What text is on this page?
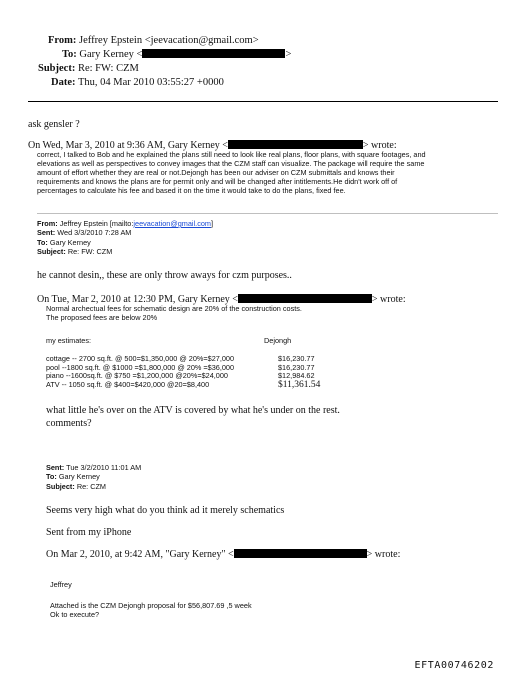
From: Jeffrey Epstein <jeevacation@gmail.com>
To: Gary Kerney <	>
Subject: Re: FW: CZM
Date: Thu, 04 Mar 2010 03:55:27 +0000
ask gensler ?
On Wed, Mar 3, 2010 at 9:36 AM, Gary Kerney <	> wrote:
correct, I talked to Bob and he explained the plans still need to look like real plans, floor plans, with square footages, and
elevations as well as perspectives to convey images that the CZM staff can visualize. The package will require the same
amount of effort whether they are real or not.Dejongh has been our adviser on CZM submittals and knows their
requirements and knows the plans are for permit only and will be changed after intitlements.He didn't work off of
percentages to calculate his fee and based it on the time it would take to do the plans, fixed fee.
From: Jeffrey Epstein [mailto:jeevacation@gmail.com]
Sent: Wed 3/3/2010 7:28 AM
To: Gary Kerney
Subject: Re: FW: CZM
he cannot desin,, these are only throw aways for czm purposes..
On Tue, Mar 2, 2010 at 12:30 PM, Gary Kerney <	> wrote:
Normal archectual fees for schematic design are 20% of the construction costs.
The proposed fees are below 20%
my estimates:	Dejongh
cottage -- 2700 sq.ft. @ 500=$1,350,000 @ 20%=$27,000	$16,230.77
pool --1800 sq.ft. @ $1000 =$1,800,000 @ 20% =$36,000	$16,230.77
piano --1600sq.ft. @ $750 =$1,200,000 @20%=$24,000	$12,984.62
ATV -- 1050 sq.ft. @ $400=$420,000 @20=$8,400	$11,361.54
what little he's over on the ATV is covered by what he's under on the rest.
comments?
Sent: Tue 3/2/2010 11:01 AM
To: Gary Kerney
Subject: Re: CZM
Seems very high what do you think ad it merely schematics
Sent from my iPhone
On Mar 2, 2010, at 9:42 AM, "Gary Kerney" <	> wrote:
Jeffrey
Attached is the CZM Dejongh proposal for $56,807.69 ,5 week
Ok to execute?
EFTA00746202
